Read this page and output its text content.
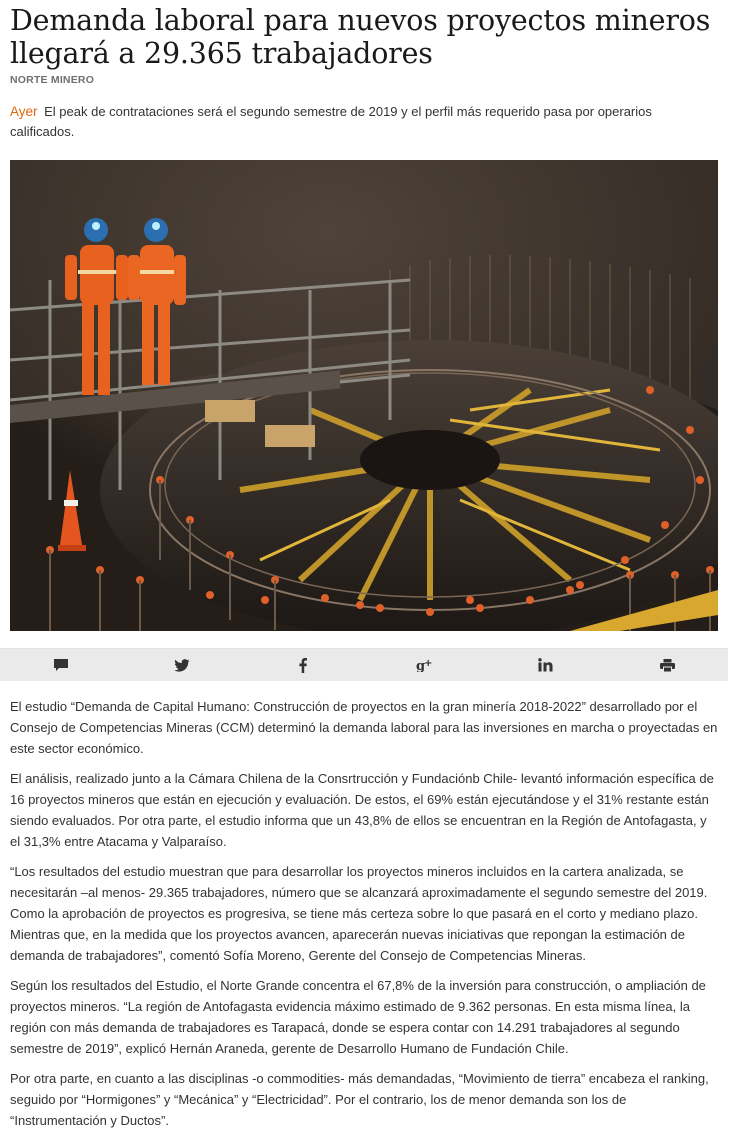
Demanda laboral para nuevos proyectos mineros llegará a 29.365 trabajadores
NORTE MINERO

Ayer El peak de contrataciones será el segundo semestre de 2019 y el perfil más requerido pasa por operarios calificados.

g
+

El estudio “Demanda de Capital Humano: Construcción de proyectos en la gran minería 2018-2022” desarrollado por el Consejo de Competencias Mineras (CCM) determinó la demanda laboral para las inversiones en marcha o proyectadas en este sector económico.

El análisis, realizado junto a la Cámara Chilena de la Consrtrucción y Fundaciónb Chile- levantó información específica de 16 proyectos mineros que están en ejecución y evaluación. De estos, el 69% están ejecutándose y el 31% restante están siendo evaluados. Por otra parte, el estudio informa que un 43,8% de ellos se encuentran en la Región de Antofagasta, y el 31,3% entre Atacama y Valparaíso.

“Los resultados del estudio muestran que para desarrollar los proyectos mineros incluidos en la cartera analizada, se necesitarán –al menos- 29.365 trabajadores, número que se alcanzará aproximadamente el segundo semestre del 2019. Como la aprobación de proyectos es progresiva, se tiene más certeza sobre lo que pasará en el corto y mediano plazo. Mientras que, en la medida que los proyectos avancen, aparecerán nuevas iniciativas que repongan la estimación de demanda de trabajadores”, comentó Sofía Moreno, Gerente del Consejo de Competencias Mineras.

Según los resultados del Estudio, el Norte Grande concentra el 67,8% de la inversión para construcción, o ampliación de proyectos mineros. “La región de Antofagasta evidencia máximo estimado de 9.362 personas. En esta misma línea, la región con más demanda de trabajadores es Tarapacá, donde se espera contar con 14.291 trabajadores al segundo semestre de 2019”, explicó Hernán Araneda, gerente de Desarrollo Humano de Fundación Chile.

Por otra parte, en cuanto a las disciplinas -o commodities- más demandadas, “Movimiento de tierra” encabeza el ranking, seguido por “Hormigones” y “Mecánica” y “Electricidad”. Por el contrario, los de menor demanda son los de “Instrumentación y Ductos”.
